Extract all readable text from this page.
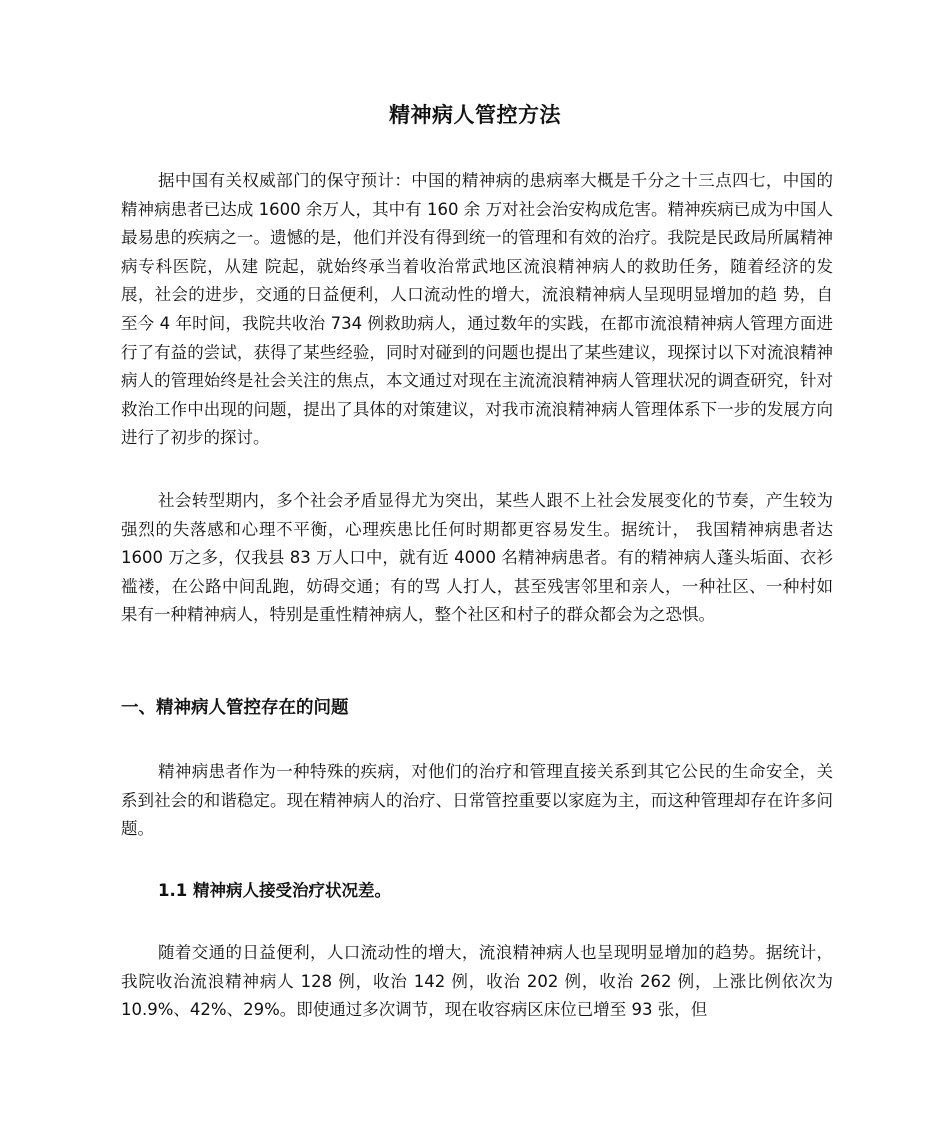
精神病人管控方法

据中国有关权威部门的保守预计：中国的精神病的患病率大概是千分之十三点四七，中国的精神病患者已达成 1600 余万人，其中有 160 余 万对社会治安构成危害。精神疾病已成为中国人最易患的疾病之一。遗憾的是，他们并没有得到统一的管理和有效的治疗。我院是民政局所属精神病专科医院，从建 院起，就始终承当着收治常武地区流浪精神病人的救助任务，随着经济的发展，社会的进步，交通的日益便利，人口流动性的增大，流浪精神病人呈现明显增加的趋 势，自至今 4 年时间，我院共收治 734 例救助病人，通过数年的实践，在都市流浪精神病人管理方面进行了有益的尝试，获得了某些经验，同时对碰到的问题也提出了某些建议，现探讨以下对流浪精神病人的管理始终是社会关注的焦点，本文通过对现在主流流浪精神病人管理状况的调查研究，针对救治工作中出现的问题，提出了具体的对策建议，对我市流浪精神病人管理体系下一步的发展方向进行了初步的探讨。

社会转型期内，多个社会矛盾显得尤为突出，某些人跟不上社会发展变化的节奏，产生较为强烈的失落感和心理不平衡，心理疾患比任何时期都更容易发生。据统计， 我国精神病患者达 1600 万之多，仅我县 83 万人口中，就有近 4000 名精神病患者。有的精神病人蓬头垢面、衣衫褴褛，在公路中间乱跑，妨碍交通；有的骂 人打人，甚至残害邻里和亲人，一种社区、一种村如果有一种精神病人，特别是重性精神病人，整个社区和村子的群众都会为之恐惧。

一、精神病人管控存在的问题

精神病患者作为一种特殊的疾病，对他们的治疗和管理直接关系到其它公民的生命安全，关系到社会的和谐稳定。现在精神病人的治疗、日常管控重要以家庭为主，而这种管理却存在许多问题。

1.1 精神病人接受治疗状况差。

随着交通的日益便利，人口流动性的增大，流浪精神病人也呈现明显增加的趋势。据统计，我院收治流浪精神病人 128 例，收治 142 例，收治 202 例，收治 262 例，上涨比例依次为 10.9%、42%、29%。即使通过多次调节，现在收容病区床位已增至 93 张，但
